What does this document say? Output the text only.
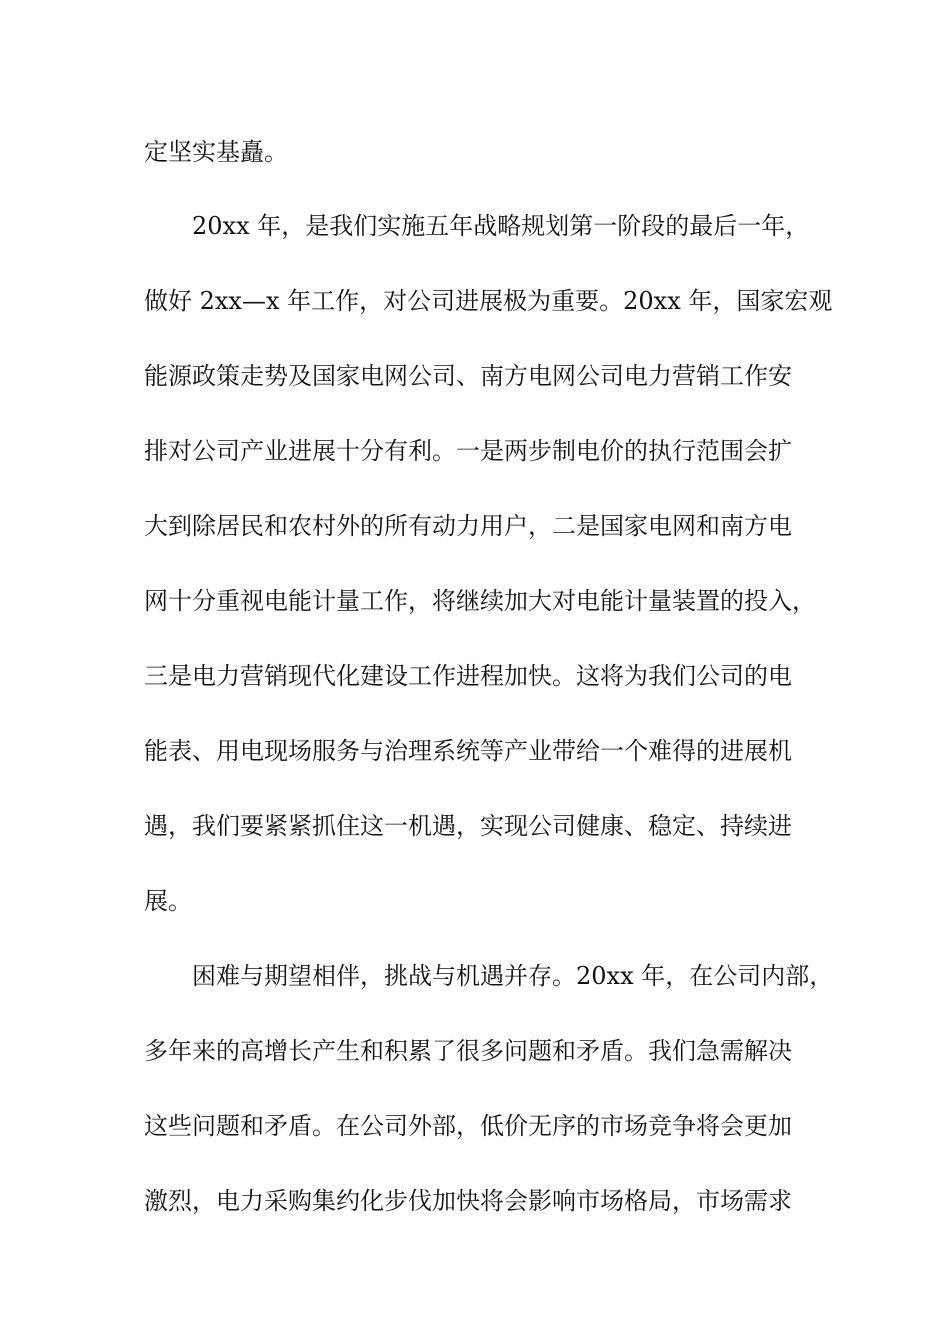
定坚实基矗。
20xx 年，是我们实施五年战略规划第一阶段的最后一年，
做好 2xx—x 年工作，对公司进展极为重要。20xx 年，国家宏观
能源政策走势及国家电网公司、南方电网公司电力营销工作安
排对公司产业进展十分有利。一是两步制电价的执行范围会扩
大到除居民和农村外的所有动力用户，二是国家电网和南方电
网十分重视电能计量工作，将继续加大对电能计量装置的投入，
三是电力营销现代化建设工作进程加快。这将为我们公司的电
能表、用电现场服务与治理系统等产业带给一个难得的进展机
遇，我们要紧紧抓住这一机遇，实现公司健康、稳定、持续进
展。
困难与期望相伴，挑战与机遇并存。20xx 年，在公司内部，
多年来的高增长产生和积累了很多问题和矛盾。我们急需解决
这些问题和矛盾。在公司外部，低价无序的市场竞争将会更加
激烈，电力采购集约化步伐加快将会影响市场格局，市场需求
